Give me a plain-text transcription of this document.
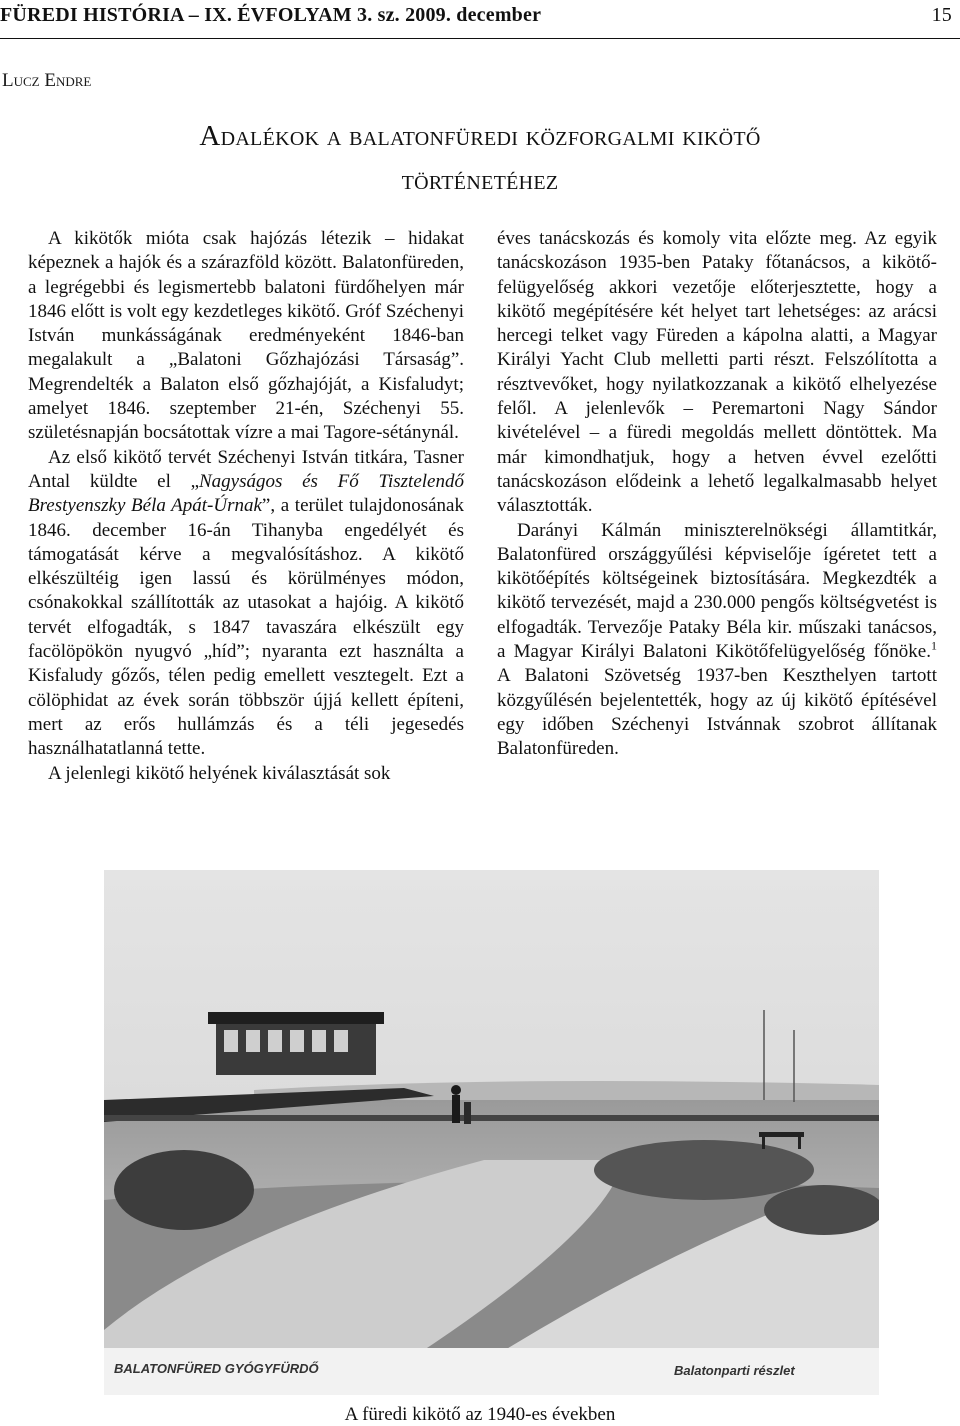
FÜREDI HISTÓRIA – IX. ÉVFOLYAM 3. sz. 2009. december	15
Lucz Endre
Adalékok a balatonfüredi közforgalmi kikötő
történetéhez

A kikötők mióta csak hajózás létezik – hidakat képeznek a hajók és a szárazföld között. Balatonfüreden, a legrégebbi és legismertebb balatoni fürdőhelyen már 1846 előtt is volt egy kezdetleges kikötő. Gróf Széchenyi István munkásságának eredményeként 1846-ban megalakult a „Balatoni Gőzhajózási Társaság”. Megrendelték a Balaton első gőzhajóját, a Kisfaludyt; amelyet 1846. szeptember 21-én, Széchenyi 55. születésnapján bocsátottak vízre a mai Tagore-sétánynál.

Az első kikötő tervét Széchenyi István titkára, Tasner Antal küldte el „Nagyságos és Fő Tisztelendő Brestyenszky Béla Apát-Úrnak”, a terület tulajdonosának 1846. december 16-án Tihanyba engedélyét és támogatását kérve a megvalósításhoz. A kikötő elkészültéig igen lassú és körülményes módon, csónakokkal szállították az utasokat a hajóig. A kikötő tervét elfogadták, s 1847 tavaszára elkészült egy facölöpökön nyugvó „híd”; nyaranta ezt használta a Kisfaludy gőzős, télen pedig emellett vesztegelt. Ezt a cölöphidat az évek során többször újjá kellett építeni, mert az erős hullámzás és a téli jegesedés használhatatlanná tette.

A jelenlegi kikötő helyének kiválasztását sok

éves tanácskozás és komoly vita előzte meg. Az egyik tanácskozáson 1935-ben Pataky főtanácsos, a kikötő-felügyelőség akkori vezetője előterjesztette, hogy a kikötő megépítésére két helyet tart lehetséges: az arácsi hercegi telket vagy Füreden a kápolna alatti, a Magyar Királyi Yacht Club melletti parti részt. Felszólította a résztvevőket, hogy nyilatkozzanak a kikötő elhelyezése felől. A jelenlevők – Peremartoni Nagy Sándor kivételével – a füredi megoldás mellett döntöttek. Ma már kimondhatjuk, hogy a hetven évvel ezelőtti tanácskozáson elődeink a lehető legalkalmasabb helyet választották.

Darányi Kálmán miniszterelnökségi államtitkár, Balatonfüred országgyűlési képviselője ígéretet tett a kikötőépítés költségeinek biztosítására. Megkezdték a kikötő tervezését, majd a 230.000 pengős költségvetést is elfogadták. Tervezője Pataky Béla kir. műszaki tanácsos, a Magyar Királyi Balatoni Kikötőfelügyelőség főnöke.$^1$ A Balatoni Szövetség 1937-ben Keszthelyen tartott közgyűlésén bejelentették, hogy az új kikötő építésével egy időben Széchenyi Istvánnak szobrot állítanak Balatonfüreden.

BALATONFÜRED GYÓGYFÜRDŐ	Balatonparti részlet
A füredi kikötő az 1940-es években
